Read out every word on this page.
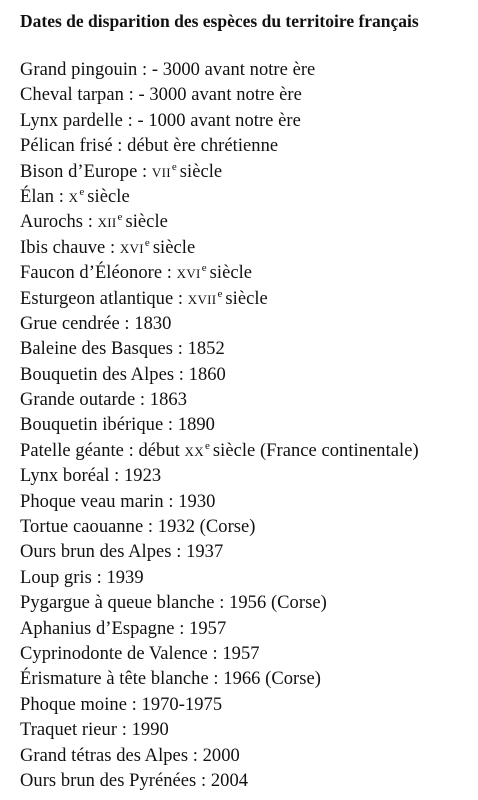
Dates de disparition des espèces du territoire français
Grand pingouin : - 3000 avant notre ère
Cheval tarpan : - 3000 avant notre ère
Lynx pardelle : - 1000 avant notre ère
Pélican frisé : début ère chrétienne
Bison d’Europe : vii$^e$ siècle
Élan : $x^e$ siècle
Aurochs : xii$^e$ siècle
Ibis chauve : xvi$^e$ siècle
Faucon d’Éléonore : xvi$^e$ siècle
Esturgeon atlantique : xvii$^e$ siècle
Grue cendrée : 1830
Baleine des Basques : 1852
Bouquetin des Alpes : 1860
Grande outarde : 1863
Bouquetin ibérique : 1890
Patelle géante : début $xx^e$ siècle (France continentale)
Lynx boréal : 1923
Phoque veau marin : 1930
Tortue caouanne : 1932 (Corse)
Ours brun des Alpes : 1937
Loup gris : 1939
Pygargue à queue blanche : 1956 (Corse)
Aphanius d’Espagne : 1957
Cyprinodonte de Valence : 1957
Érismature à tête blanche : 1966 (Corse)
Phoque moine : 1970-1975
Traquet rieur : 1990
Grand tétras des Alpes : 2000
Ours brun des Pyrénées : 2004
